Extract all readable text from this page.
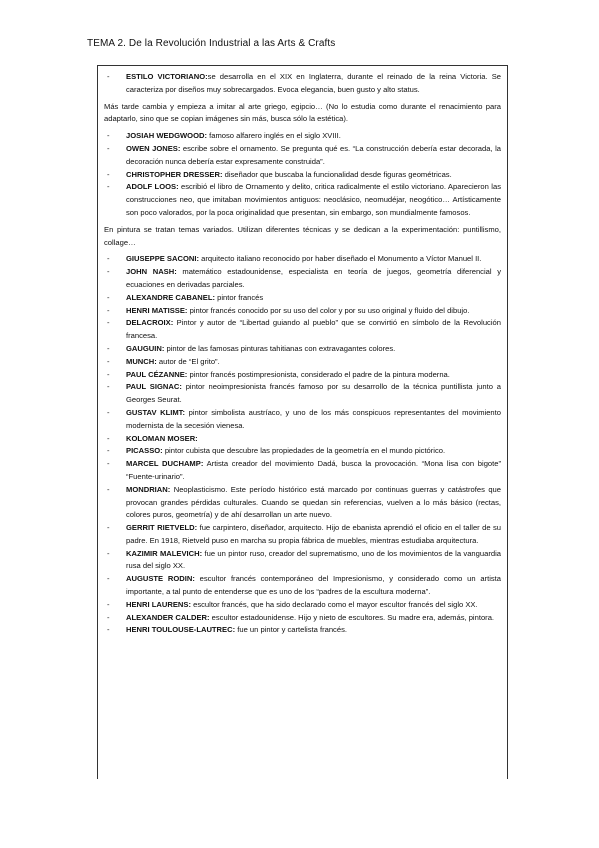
TEMA 2. De la Revolución Industrial a las Arts & Crafts
- ESTILO VICTORIANO:se desarrolla en el XIX en Inglaterra, durante el reinado de la reina Victoria. Se caracteriza por diseños muy sobrecargados. Evoca elegancia, buen gusto y alto status.
Más tarde cambia y empieza a imitar al arte griego, egipcio… (No lo estudia como durante el renacimiento para adaptarlo, sino que se copian imágenes sin más, busca sólo la estética).
- JOSIAH WEDGWOOD: famoso alfarero inglés en el siglo XVIII.
- OWEN JONES: escribe sobre el ornamento. Se pregunta qué es. “La construcción debería estar decorada, la decoración nunca debería estar expresamente construida”.
- CHRISTOPHER DRESSER: diseñador que buscaba la funcionalidad desde figuras geométricas.
- ADOLF LOOS: escribió el libro de Ornamento y delito, critica radicalmente el estilo victoriano. Aparecieron las construcciones neo, que imitaban movimientos antiguos: neoclásico, neomudéjar, neogótico… Artísticamente son poco valorados, por la poca originalidad que presentan, sin embargo, son mundialmente famosos.
En pintura se tratan temas variados. Utilizan diferentes técnicas y se dedican a la experimentación: puntillismo, collage…
- GIUSEPPE SACONI: arquitecto italiano reconocido por haber diseñado el Monumento a Víctor Manuel II.
- JOHN NASH: matemático estadounidense, especialista en teoría de juegos, geometría diferencial y ecuaciones en derivadas parciales.
- ALEXANDRE CABANEL: pintor francés
- HENRI MATISSE: pintor francés conocido por su uso del color y por su uso original y fluido del dibujo.
- DELACROIX: Pintor y autor de “Libertad guiando al pueblo” que se convirtió en símbolo de la Revolución francesa.
- GAUGUIN: pintor de las famosas pinturas tahitianas con extravagantes colores.
- MUNCH: autor de “El grito”.
- PAUL CÉZANNE: pintor francés postimpresionista, considerado el padre de la pintura moderna.
- PAUL SIGNAC: pintor neoimpresionista francés famoso por su desarrollo de la técnica puntillista junto a Georges Seurat.
- GUSTAV KLIMT: pintor simbolista austríaco, y uno de los más conspicuos representantes del movimiento modernista de la secesión vienesa.
- KOLOMAN MOSER:
- PICASSO: pintor cubista que descubre las propiedades de la geometría en el mundo pictórico.
- MARCEL DUCHAMP: Artista creador del movimiento Dadá, busca la provocación. “Mona lisa con bigote” “Fuente-urinario”.
- MONDRIAN: Neoplasticismo. Este período histórico está marcado por continuas guerras y catástrofes que provocan grandes pérdidas culturales. Cuando se quedan sin referencias, vuelven a lo más básico (rectas, colores puros, geometría) y de ahí desarrollan un arte nuevo.
- GERRIT RIETVELD: fue carpintero, diseñador, arquitecto. Hijo de ebanista aprendió el oficio en el taller de su padre. En 1918, Rietveld puso en marcha su propia fábrica de muebles, mientras estudiaba arquitectura.
- KAZIMIR MALEVICH: fue un pintor ruso, creador del suprematismo, uno de los movimientos de la vanguardia rusa del siglo XX.
- AUGUSTE RODIN: escultor francés contemporáneo del Impresionismo, y considerado como un artista importante, a tal punto de entenderse que es uno de los “padres de la escultura moderna”.
- HENRI LAURENS: escultor francés, que ha sido declarado como el mayor escultor francés del siglo XX.
- ALEXANDER CALDER: escultor estadounidense. Hijo y nieto de escultores. Su madre era, además, pintora.
- HENRI TOULOUSE-LAUTREC: fue un pintor y cartelista francés.
